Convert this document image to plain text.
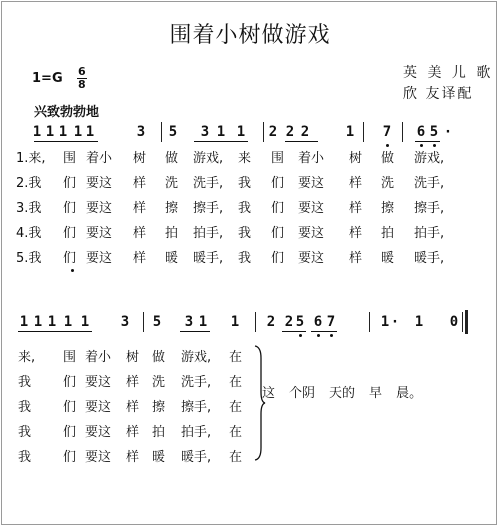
围着小树做游戏
英 美 儿 歌
欣 友译配
1=G 6
8
兴致勃勃地
1 1 1 1 1	3 5 3 1 1 2 2 2	1 7 6 5 ·
1.来, 围 着小 树 做 游戏, 来 围 着小 树 做 游戏,
2.我 们 要这 样 洗 洗手, 我 们 要这 样 洗 洗手,
3.我 们 要这 样 擦 擦手, 我 们 要这 样 擦 擦手,
4.我 们 要这 样 拍 拍手, 我 们 要这 样 拍 拍手,
5.我 们 要这 样 暖 暖手, 我 们 要这 样 暖 暖手,
1 1 1 1 1 3 5 3 1 1 2 2 5 6 7	1 · 1 0
来, 围 着小 树 做 游戏, 在
我 们 要这 样 洗 洗手, 在
我 们 要这 样 擦 擦手, 在
我 们 要这 样 拍 拍手, 在
我 们 要这 样 暖 暖手, 在
这 个阴 天的 早 晨。
